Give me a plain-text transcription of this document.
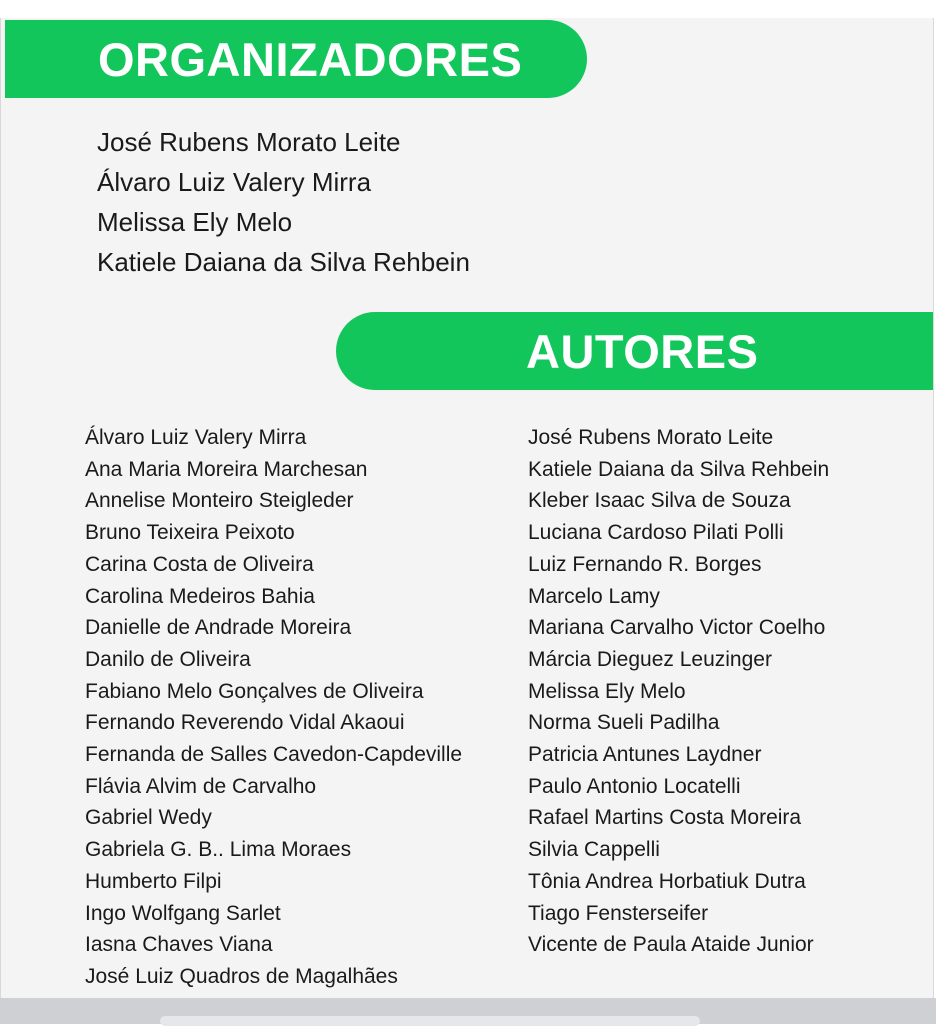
ORGANIZADORES
José Rubens Morato Leite
Álvaro Luiz Valery Mirra
Melissa Ely Melo
Katiele Daiana da Silva Rehbein
AUTORES
Álvaro Luiz Valery Mirra
Ana Maria Moreira Marchesan
Annelise Monteiro Steigleder
Bruno Teixeira Peixoto
Carina Costa de Oliveira
Carolina Medeiros Bahia
Danielle de Andrade Moreira
Danilo de Oliveira
Fabiano Melo Gonçalves de Oliveira
Fernando Reverendo Vidal Akaoui
Fernanda de Salles Cavedon-Capdeville
Flávia Alvim de Carvalho
Gabriel Wedy
Gabriela G. B.. Lima Moraes
Humberto Filpi
Ingo Wolfgang Sarlet
Iasna Chaves Viana
José Luiz Quadros de Magalhães
José Rubens Morato Leite
Katiele Daiana da Silva Rehbein
Kleber Isaac Silva de Souza
Luciana Cardoso Pilati Polli
Luiz Fernando R. Borges
Marcelo Lamy
Mariana Carvalho Victor Coelho
Márcia Dieguez Leuzinger
Melissa Ely Melo
Norma Sueli Padilha
Patricia Antunes Laydner
Paulo Antonio Locatelli
Rafael Martins Costa Moreira
Silvia Cappelli
Tônia Andrea Horbatiuk Dutra
Tiago Fensterseifer
Vicente de Paula Ataide Junior
